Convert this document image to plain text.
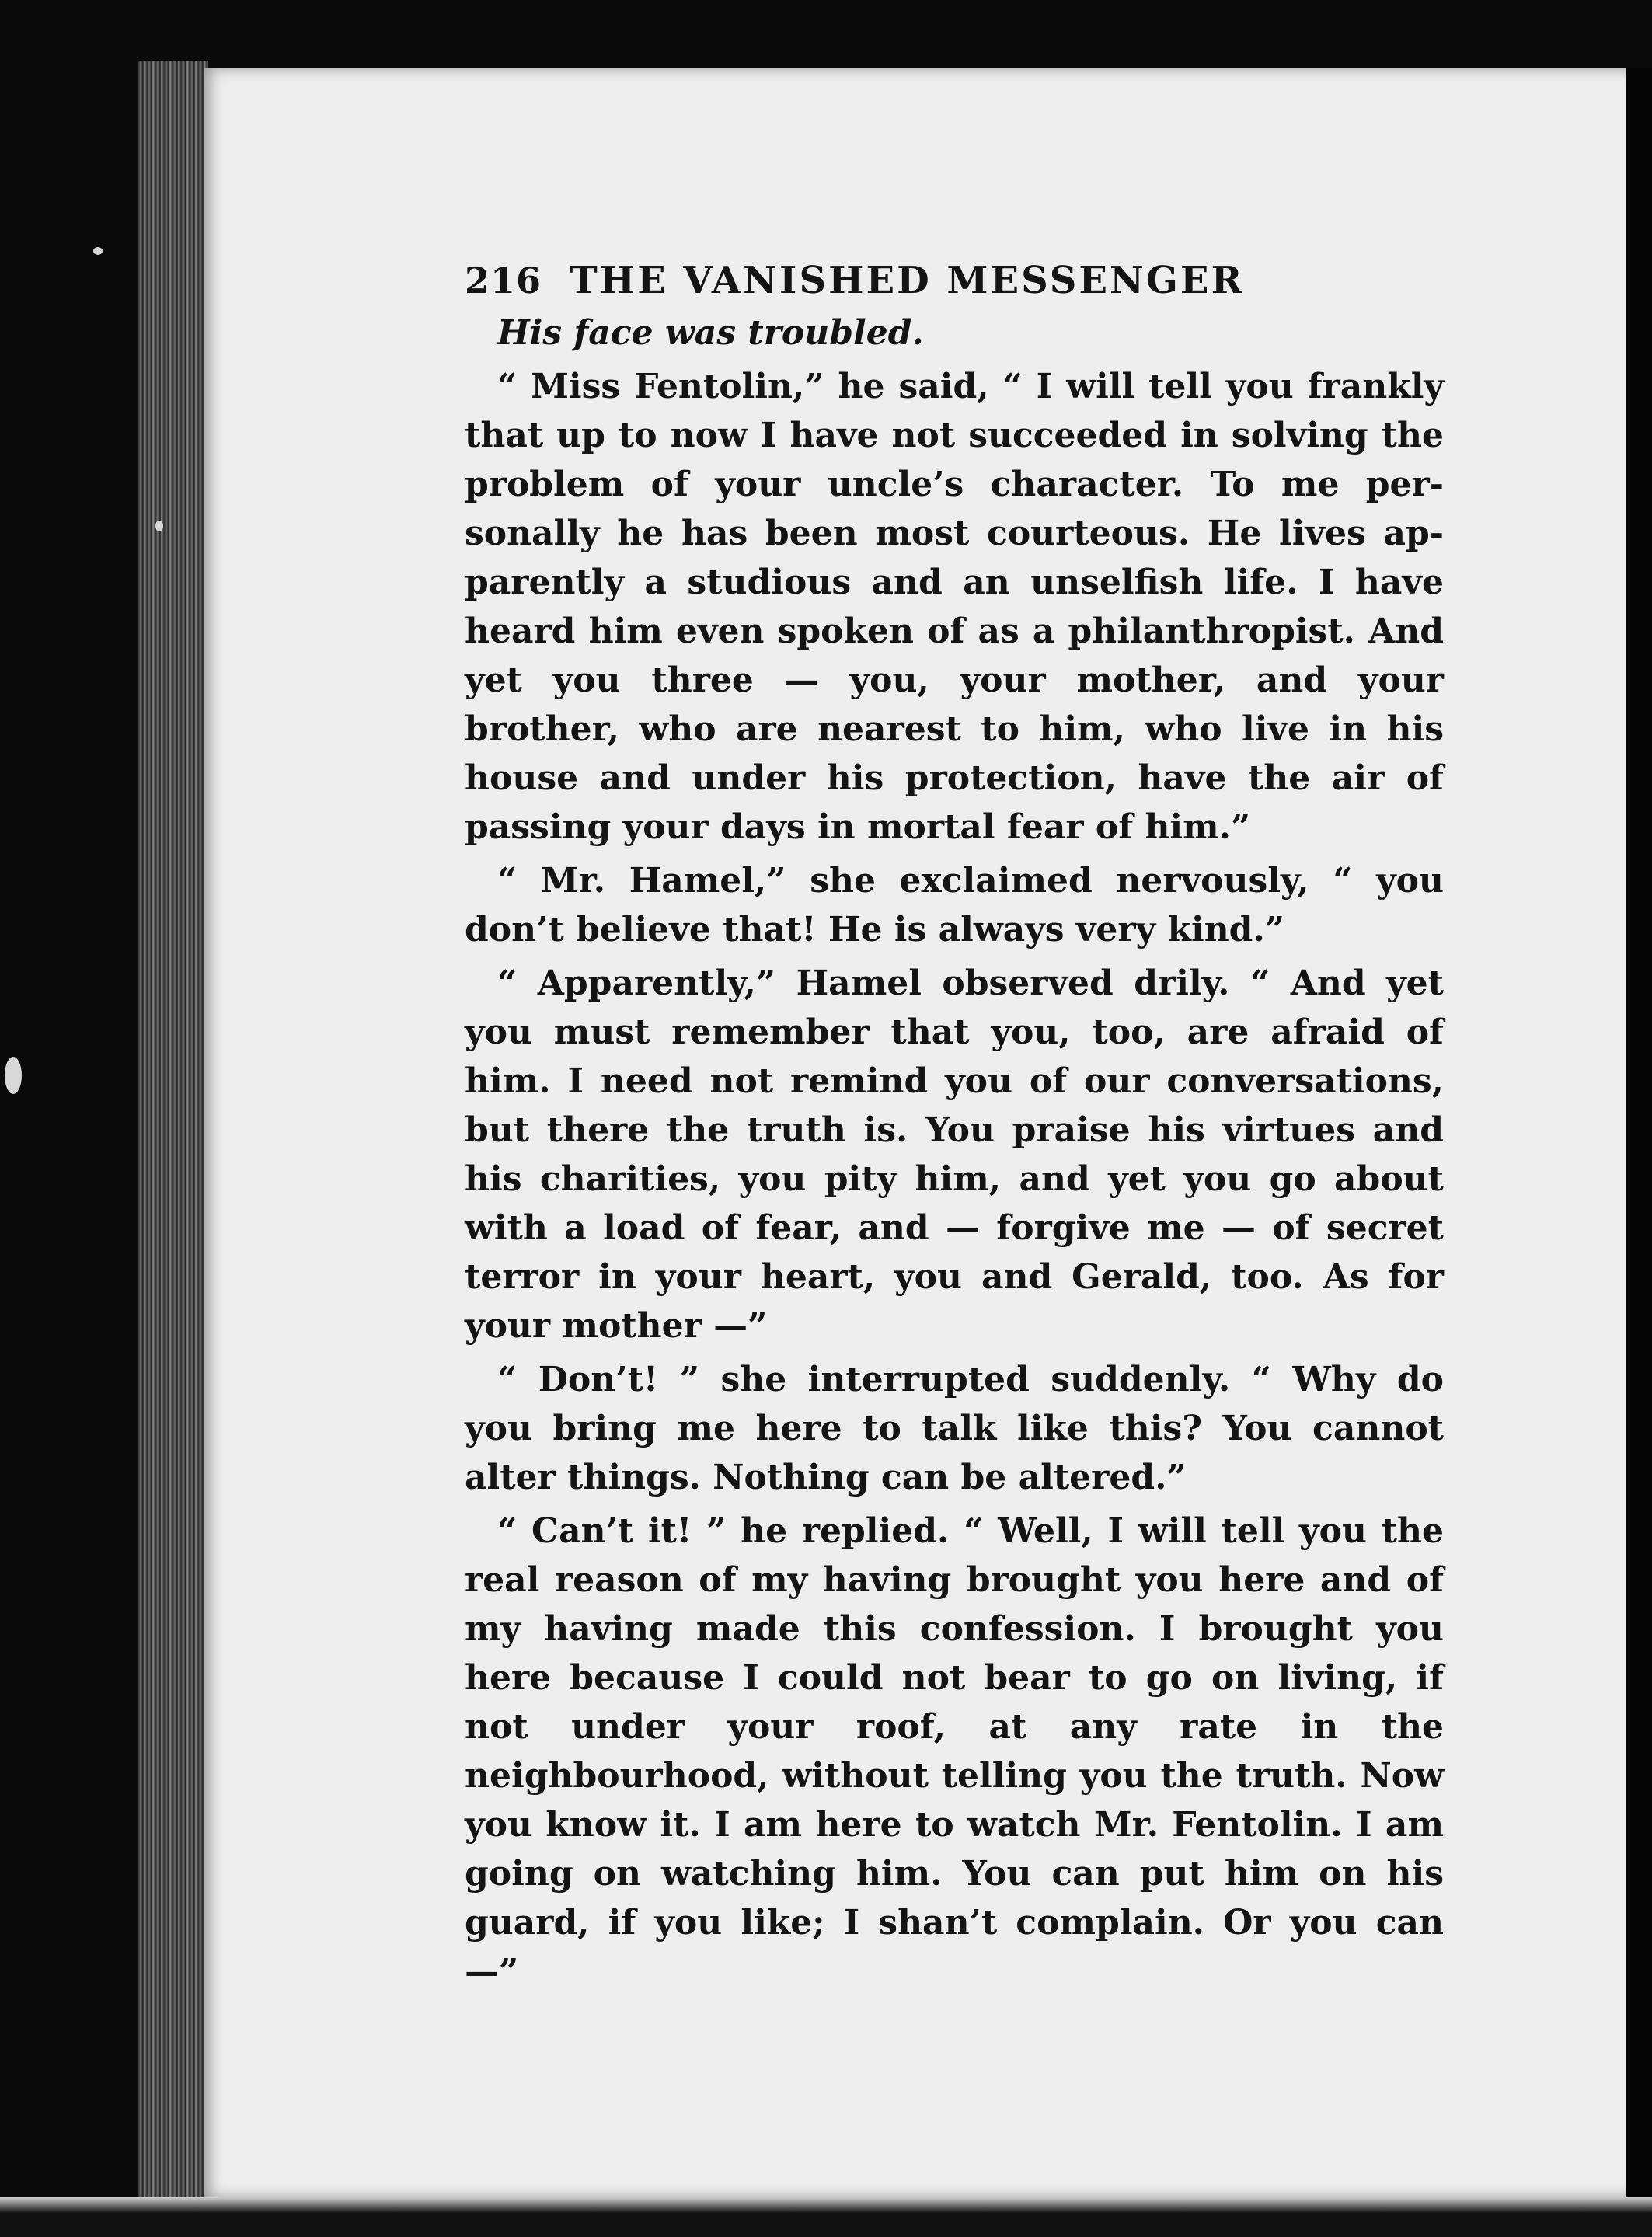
216 THE VANISHED MESSENGER

His face was troubled.

“ Miss Fentolin,” he said, “ I will tell you frankly that up to now I have not succeeded in solving the problem of your uncle’s character. To me personally he has been most courteous. He lives apparently a studious and an unselfish life. I have heard him even spoken of as a philanthropist. And yet you three — you, your mother, and your brother, who are nearest to him, who live in his house and under his protection, have the air of passing your days in mortal fear of him.”

“ Mr. Hamel,” she exclaimed nervously, “ you don’t believe that! He is always very kind.”

“ Apparently,” Hamel observed drily. “ And yet you must remember that you, too, are afraid of him. I need not remind you of our conversations, but there the truth is. You praise his virtues and his charities, you pity him, and yet you go about with a load of fear, and — forgive me — of secret terror in your heart, you and Gerald, too. As for your mother —”

“ Don’t! ” she interrupted suddenly. “ Why do you bring me here to talk like this? You cannot alter things. Nothing can be altered.”

“ Can’t it! ” he replied. “ Well, I will tell you the real reason of my having brought you here and of my having made this confession. I brought you here because I could not bear to go on living, if not under your roof, at any rate in the neighbourhood, without telling you the truth. Now you know it. I am here to watch Mr. Fentolin. I am going on watching him. You can put him on his guard, if you like; I shan’t complain. Or you can —”
